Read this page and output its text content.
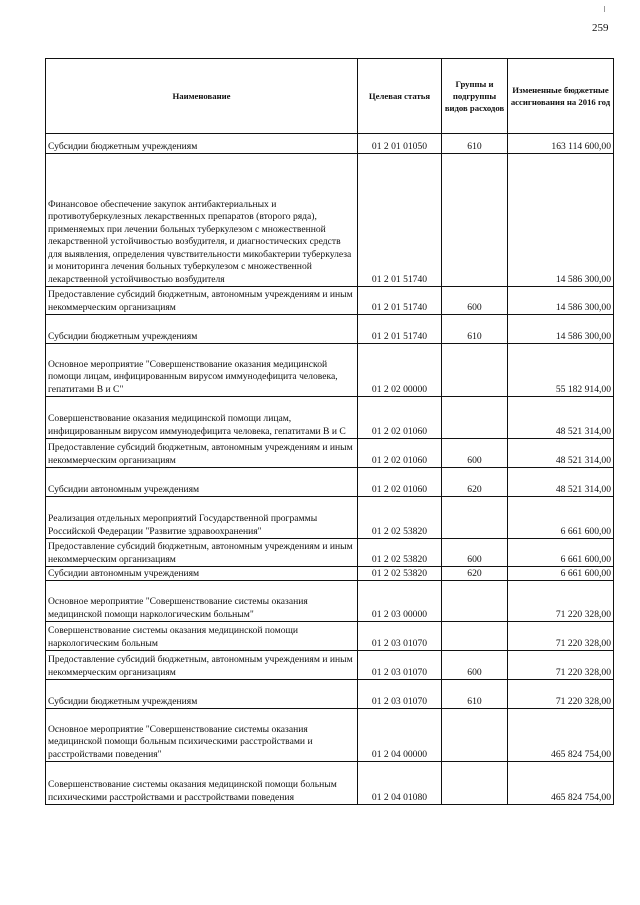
259
Наименование	Целевая статья	Группы и подгруппы видов расходов	Измененные бюджетные ассигнования на 2016 год
Субсидии бюджетным учреждениям	01 2 01 01050	610	163 114 600,00
Финансовое обеспечение закупок антибактериальных и противотуберкулезных лекарственных препаратов (второго ряда), применяемых при лечении больных туберкулезом с множественной лекарственной устойчивостью возбудителя, и диагностических средств для выявления, определения чувствительности микобактерии туберкулеза и мониторинга лечения больных туберкулезом с множественной лекарственной устойчивостью возбудителя	01 2 01 51740		14 586 300,00
Предоставление субсидий бюджетным, автономным учреждениям и иным некоммерческим организациям	01 2 01 51740	600	14 586 300,00
Субсидии бюджетным учреждениям	01 2 01 51740	610	14 586 300,00
Основное мероприятие "Совершенствование оказания медицинской помощи лицам, инфицированным вирусом иммунодефицита человека, гепатитами В и С"	01 2 02 00000		55 182 914,00
Совершенствование оказания медицинской помощи лицам, инфицированным вирусом иммунодефицита человека, гепатитами В и С	01 2 02 01060		48 521 314,00
Предоставление субсидий бюджетным, автономным учреждениям и иным некоммерческим организациям	01 2 02 01060	600	48 521 314,00
Субсидии автономным учреждениям	01 2 02 01060	620	48 521 314,00
Реализация отдельных мероприятий Государственной программы Российской Федерации "Развитие здравоохранения"	01 2 02 53820		6 661 600,00
Предоставление субсидий бюджетным, автономным учреждениям и иным некоммерческим организациям	01 2 02 53820	600	6 661 600,00
Субсидии автономным учреждениям	01 2 02 53820	620	6 661 600,00
Основное мероприятие "Совершенствование системы оказания медицинской помощи наркологическим больным"	01 2 03 00000		71 220 328,00
Совершенствование системы оказания медицинской помощи наркологическим больным	01 2 03 01070		71 220 328,00
Предоставление субсидий бюджетным, автономным учреждениям и иным некоммерческим организациям	01 2 03 01070	600	71 220 328,00
Субсидии бюджетным учреждениям	01 2 03 01070	610	71 220 328,00
Основное мероприятие "Совершенствование системы оказания медицинской помощи больным психическими расстройствами и расстройствами поведения"	01 2 04 00000		465 824 754,00
Совершенствование системы оказания медицинской помощи больным психическими расстройствами и расстройствами поведения	01 2 04 01080		465 824 754,00
